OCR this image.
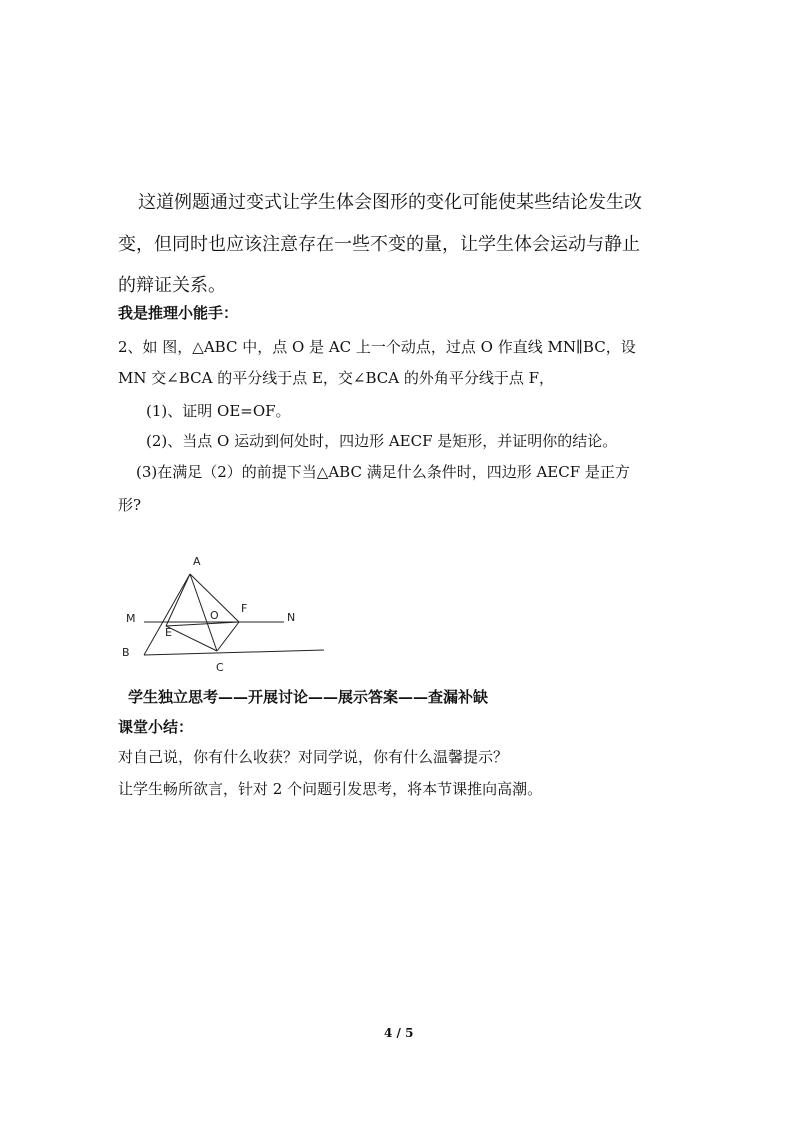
这道例题通过变式让学生体会图形的变化可能使某些结论发生改
变，但同时也应该注意存在一些不变的量，让学生体会运动与静止
的辩证关系。
我是推理小能手：
2、如 图，△ABC 中，点 O 是 AC 上一个动点，过点 O 作直线 MN∥BC，设
MN 交∠BCA 的平分线于点 E，交∠BCA 的外角平分线于点 F，
(1)、证明 OE=OF。
(2)、当点 O 运动到何处时，四边形 AECF 是矩形，并证明你的结论。
(3)在满足（2）的前提下当△ABC 满足什么条件时，四边形 AECF 是正方
形?
A
M	N
E
O
F
B
C
学生独立思考——开展讨论——展示答案——查漏补缺
课堂小结：
对自己说，你有什么收获？对同学说，你有什么温馨提示？
让学生畅所欲言，针对 2 个问题引发思考，将本节课推向高潮。
4 / 5
